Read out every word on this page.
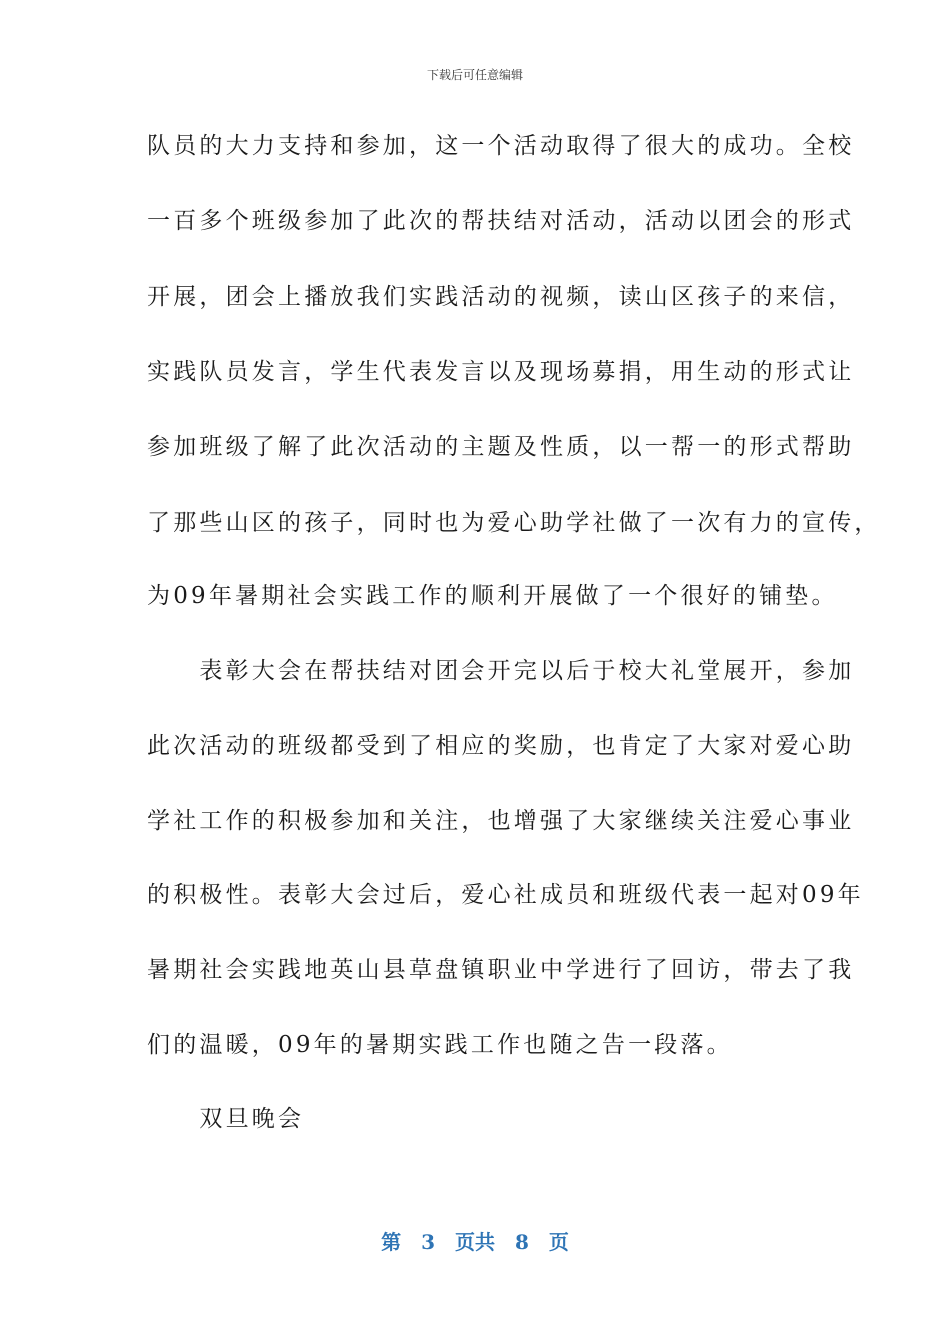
下载后可任意编辑
队员的大力支持和参加，这一个活动取得了很大的成功。全校
一百多个班级参加了此次的帮扶结对活动，活动以团会的形式
开展，团会上播放我们实践活动的视频，读山区孩子的来信，
实践队员发言，学生代表发言以及现场募捐，用生动的形式让
参加班级了解了此次活动的主题及性质，以一帮一的形式帮助
了那些山区的孩子，同时也为爱心助学社做了一次有力的宣传，
为09年暑期社会实践工作的顺利开展做了一个很好的铺垫。
　　表彰大会在帮扶结对团会开完以后于校大礼堂展开，参加
此次活动的班级都受到了相应的奖励，也肯定了大家对爱心助
学社工作的积极参加和关注，也增强了大家继续关注爱心事业
的积极性。表彰大会过后，爱心社成员和班级代表一起对09年
暑期社会实践地英山县草盘镇职业中学进行了回访，带去了我
们的温暖，09年的暑期实践工作也随之告一段落。
　　双旦晚会
第　3　页共　8　页
